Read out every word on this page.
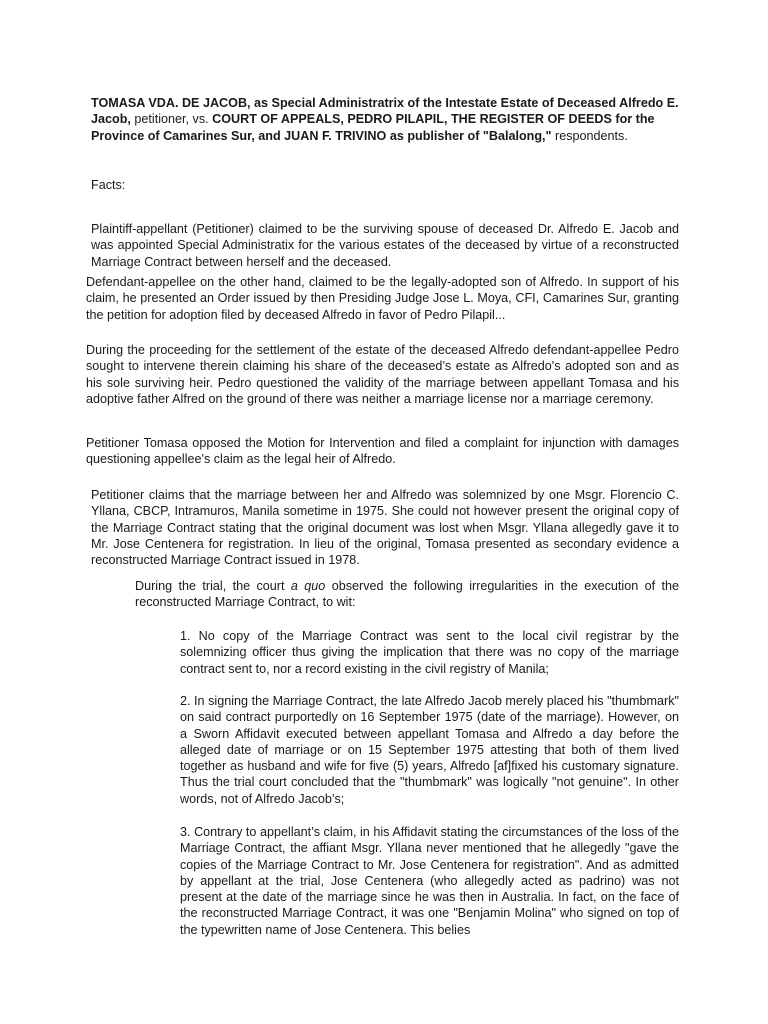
TOMASA VDA. DE JACOB, as Special Administratrix of the Intestate Estate of Deceased Alfredo E. Jacob, petitioner, vs. COURT OF APPEALS, PEDRO PILAPIL, THE REGISTER OF DEEDS for the Province of Camarines Sur, and JUAN F. TRIVINO as publisher of "Balalong," respondents.

Facts:

Plaintiff-appellant (Petitioner) claimed to be the surviving spouse of deceased Dr. Alfredo E. Jacob and was appointed Special Administratix for the various estates of the deceased by virtue of a reconstructed Marriage Contract between herself and the deceased.

Defendant-appellee on the other hand, claimed to be the legally-adopted son of Alfredo. In support of his claim, he presented an Order issued by then Presiding Judge Jose L. Moya, CFI, Camarines Sur, granting the petition for adoption filed by deceased Alfredo in favor of Pedro Pilapil...

During the proceeding for the settlement of the estate of the deceased Alfredo defendant-appellee Pedro sought to intervene therein claiming his share of the deceased’s estate as Alfredo's adopted son and as his sole surviving heir. Pedro questioned the validity of the marriage between appellant Tomasa and his adoptive father Alfred on the ground of there was neither a marriage license nor a marriage ceremony.

Petitioner Tomasa opposed the Motion for Intervention and filed a complaint for injunction with damages questioning appellee's claim as the legal heir of Alfredo.

Petitioner claims that the marriage between her and Alfredo was solemnized by one Msgr. Florencio C. Yllana, CBCP, Intramuros, Manila sometime in 1975. She could not however present the original copy of the Marriage Contract stating that the original document was lost when Msgr. Yllana allegedly gave it to Mr. Jose Centenera for registration. In lieu of the original, Tomasa presented as secondary evidence a reconstructed Marriage Contract issued in 1978.

During the trial, the court a quo observed the following irregularities in the execution of the reconstructed Marriage Contract, to wit:

1. No copy of the Marriage Contract was sent to the local civil registrar by the solemnizing officer thus giving the implication that there was no copy of the marriage contract sent to, nor a record existing in the civil registry of Manila;

2. In signing the Marriage Contract, the late Alfredo Jacob merely placed his "thumbmark" on said contract purportedly on 16 September 1975 (date of the marriage). However, on a Sworn Affidavit executed between appellant Tomasa and Alfredo a day before the alleged date of marriage or on 15 September 1975 attesting that both of them lived together as husband and wife for five (5) years, Alfredo [af]fixed his customary signature. Thus the trial court concluded that the "thumbmark" was logically "not genuine". In other words, not of Alfredo Jacob’s;

3. Contrary to appellant’s claim, in his Affidavit stating the circumstances of the loss of the Marriage Contract, the affiant Msgr. Yllana never mentioned that he allegedly "gave the copies of the Marriage Contract to Mr. Jose Centenera for registration". And as admitted by appellant at the trial, Jose Centenera (who allegedly acted as padrino) was not present at the date of the marriage since he was then in Australia. In fact, on the face of the reconstructed Marriage Contract, it was one "Benjamin Molina" who signed on top of the typewritten name of Jose Centenera. This belies
